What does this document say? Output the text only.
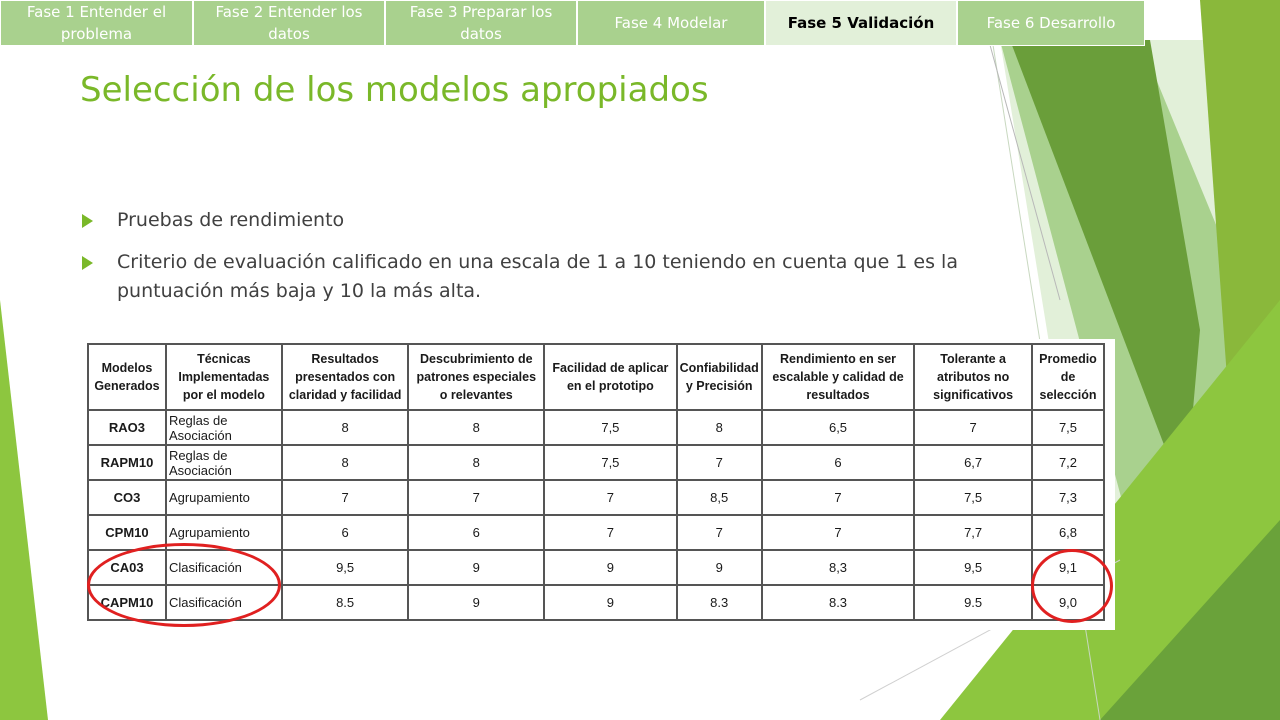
Fase 1 Entender el problema
Fase 2 Entender los datos
Fase 3 Preparar los datos
Fase 4 Modelar	Fase 5 Validación	Fase 6 Desarrollo
Selección de los modelos apropiados
Pruebas de rendimiento
Criterio de evaluación calificado en una escala de 1 a 10 teniendo en cuenta que 1 es la puntuación más baja y 10 la más alta.
Modelos Generados	Técnicas Implementadas por el modelo	Resultados presentados con claridad y facilidad	Descubrimiento de patrones especiales o relevantes	Facilidad de aplicar en el prototipo	Confiabilidad y Precisión	Rendimiento en ser escalable y calidad de resultados	Tolerante a atributos no significativos	Promedio de selección
RAO3	Reglas de Asociación	8	8	7,5	8	6,5	7	7,5
RAPM10	Reglas de Asociación	8	8	7,5	7	6	6,7	7,2
CO3	Agrupamiento	7	7	7	8,5	7	7,5	7,3
CPM10	Agrupamiento	6	6	7	7	7	7,7	6,8
CA03	Clasificación	9,5	9	9	9	8,3	9,5	9,1
CAPM10	Clasificación	8.5	9	9	8.3	8.3	9.5	9,0
